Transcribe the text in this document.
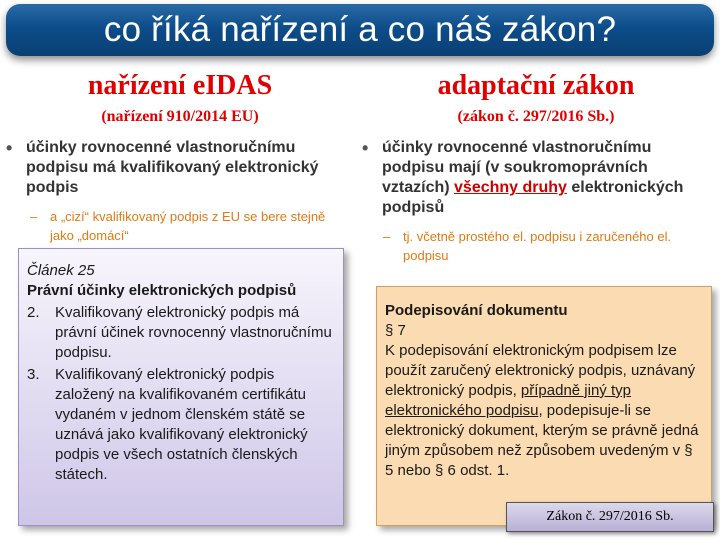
co říká nařízení a co náš zákon?
nařízení eIDAS
(nařízení 910/2014 EU)
• účinky rovnocenné vlastnoručnímu podpisu má kvalifikovaný elektronický podpis
– a „cizí“ kvalifikovaný podpis z EU se bere stejně jako „domácí“
Článek 25
Právní účinky elektronických podpisů
2.	Kvalifikovaný elektronický podpis má právní účinek rovnocenný vlastnoručnímu podpisu.
3.	Kvalifikovaný elektronický podpis založený na kvalifikovaném certifikátu vydaném v jednom členském státě se uznává jako kvalifikovaný elektronický podpis ve všech ostatních členských státech.
adaptační zákon
(zákon č. 297/2016 Sb.)
• účinky rovnocenné vlastnoručnímu podpisu mají (v soukromoprávních vztazích) všechny druhy elektronických podpisů
– tj. včetně prostého el. podpisu i zaručeného el. podpisu
Podepisování dokumentu
§ 7
K podepisování elektronickým podpisem lze použít zaručený elektronický podpis, uznávaný elektronický podpis, případně jiný typ elektronického podpisu, podepisuje-li se elektronický dokument, kterým se právně jedná jiným způsobem než způsobem uvedeným v § 5 nebo § 6 odst. 1.
Zákon č. 297/2016 Sb.
